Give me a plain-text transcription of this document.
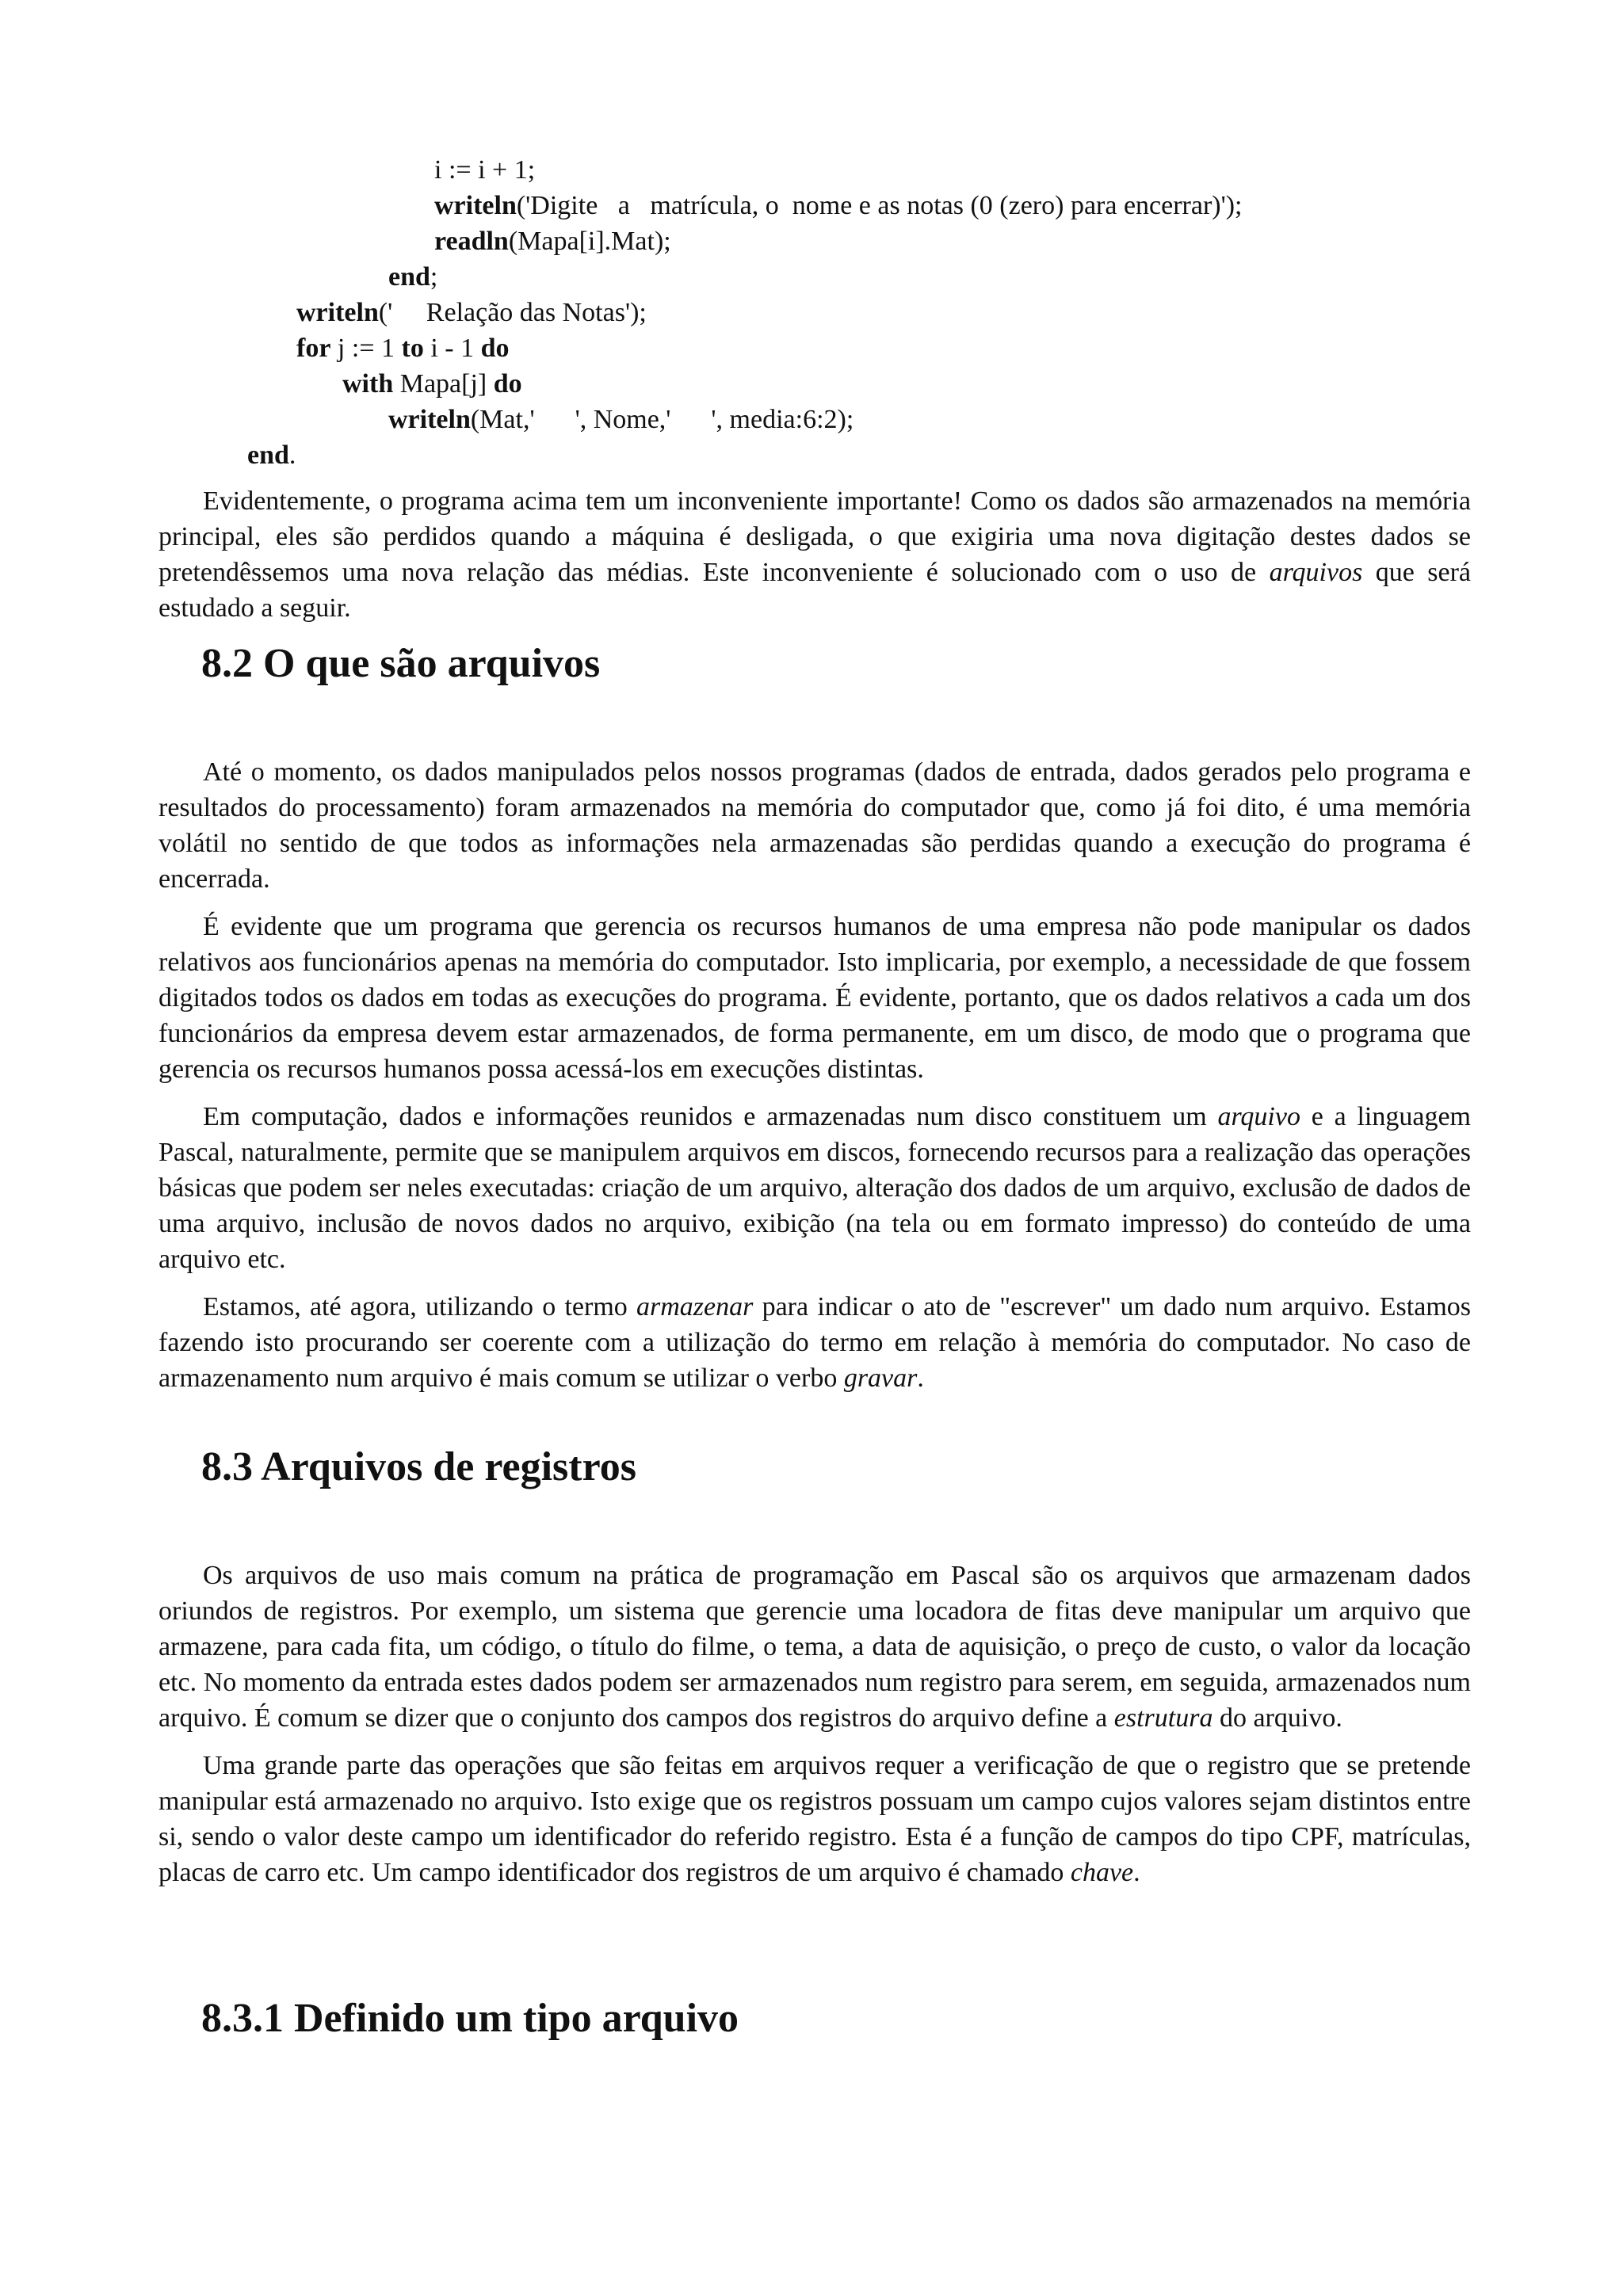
i := i + 1;
writeln('Digite   a   matrícula, o  nome e as notas (0 (zero) para encerrar)');
readln(Mapa[i].Mat);
end;
writeln('     Relação das Notas');
for j := 1 to i - 1 do
with Mapa[j] do
writeln(Mat,'      ', Nome,'      ', media:6:2);
end.

Evidentemente, o programa acima tem um inconveniente importante! Como os dados são armazenados na memória principal, eles são perdidos quando a máquina é desligada, o que exigiria uma nova digitação destes dados se pretendêssemos uma nova relação das médias. Este inconveniente é solucionado com o uso de arquivos que será estudado a seguir.

8.2 O que são arquivos

Até o momento, os dados manipulados pelos nossos programas (dados de entrada, dados gerados pelo programa e resultados do processamento) foram armazenados na memória do computador que, como já foi dito, é uma memória volátil no sentido de que todos as informações nela armazenadas são perdidas quando a execução do programa é encerrada.

É evidente que um programa que gerencia os recursos humanos de uma empresa não pode manipular os dados relativos aos funcionários apenas na memória do computador. Isto implicaria, por exemplo, a necessidade de que fossem digitados todos os dados em todas as execuções do programa. É evidente, portanto, que os dados relativos a cada um dos funcionários da empresa devem estar armazenados, de forma permanente, em um disco, de modo que o programa que gerencia os recursos humanos possa acessá-los em execuções distintas.

Em computação, dados e informações reunidos e armazenadas num disco constituem um arquivo e a linguagem Pascal, naturalmente, permite que se manipulem arquivos em discos, fornecendo recursos para a realização das operações básicas que podem ser neles executadas: criação de um arquivo, alteração dos dados de um arquivo, exclusão de dados de uma arquivo, inclusão de novos dados no arquivo, exibição (na tela ou em formato impresso) do conteúdo de uma arquivo etc.

Estamos, até agora, utilizando o termo armazenar para indicar o ato de "escrever" um dado num arquivo. Estamos fazendo isto procurando ser coerente com a utilização do termo em relação à memória do computador. No caso de armazenamento num arquivo é mais comum se utilizar o verbo gravar.

8.3 Arquivos de registros

Os arquivos de uso mais comum na prática de programação em Pascal são os arquivos que armazenam dados oriundos de registros. Por exemplo, um sistema que gerencie uma locadora de fitas deve manipular um arquivo que armazene, para cada fita, um código, o título do filme, o tema, a data de aquisição, o preço de custo, o valor da locação etc. No momento da entrada estes dados podem ser armazenados num registro para serem, em seguida, armazenados num arquivo. É comum se dizer que o conjunto dos campos dos registros do arquivo define a estrutura do arquivo.

Uma grande parte das operações que são feitas em arquivos requer a verificação de que o registro que se pretende manipular está armazenado no arquivo. Isto exige que os registros possuam um campo cujos valores sejam distintos entre si, sendo o valor deste campo um identificador do referido registro. Esta é a função de campos do tipo CPF, matrículas, placas de carro etc. Um campo identificador dos registros de um arquivo é chamado chave.

8.3.1 Definido um tipo arquivo
